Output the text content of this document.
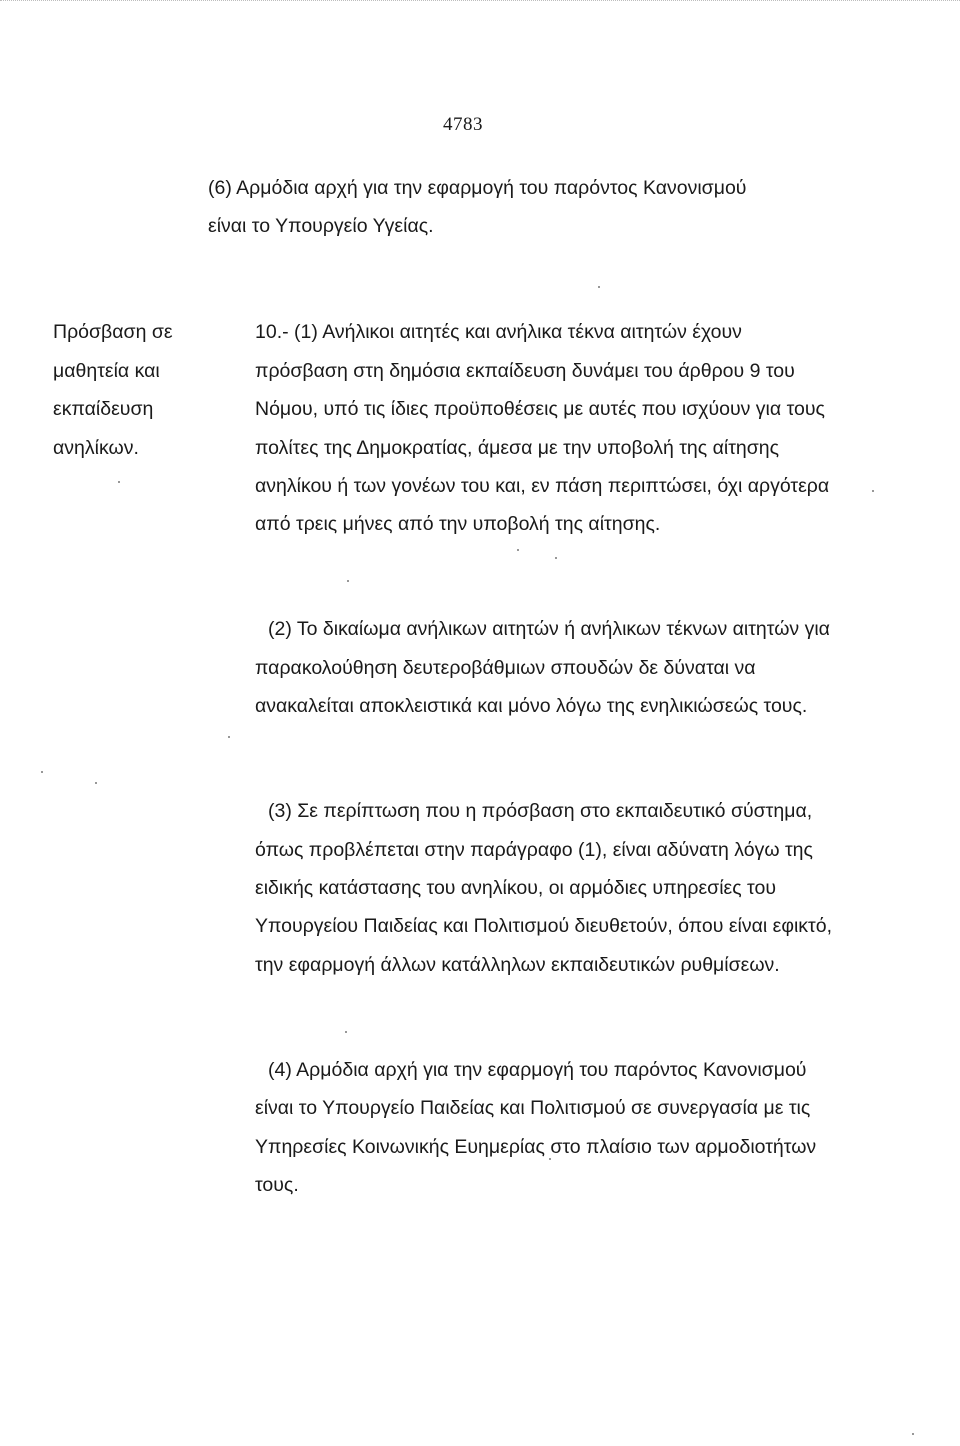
4783
(6) Αρμόδια αρχή για την εφαρμογή του παρόντος Κανονισμού
είναι το Υπουργείο Υγείας.
Πρόσβαση σε
μαθητεία και
εκπαίδευση
ανηλίκων.
10.- (1) Ανήλικοι αιτητές και ανήλικα τέκνα αιτητών έχουν
πρόσβαση στη δημόσια εκπαίδευση δυνάμει του άρθρου 9 του
Νόμου, υπό τις ίδιες προϋποθέσεις με αυτές που ισχύουν για τους
πολίτες της Δημοκρατίας, άμεσα με την υποβολή της αίτησης
ανηλίκου ή των γονέων του και, εν πάση περιπτώσει, όχι αργότερα
από τρεις μήνες από την υποβολή της αίτησης.
(2) Το δικαίωμα ανήλικων αιτητών ή ανήλικων τέκνων αιτητών για
παρακολούθηση δευτεροβάθμιων σπουδών δε δύναται να
ανακαλείται αποκλειστικά και μόνο λόγω της ενηλικιώσεώς τους.
(3) Σε περίπτωση που η πρόσβαση στο εκπαιδευτικό σύστημα,
όπως προβλέπεται στην παράγραφο (1), είναι αδύνατη λόγω της
ειδικής κατάστασης του ανηλίκου, οι αρμόδιες υπηρεσίες του
Υπουργείου Παιδείας και Πολιτισμού διευθετούν, όπου είναι εφικτό,
την εφαρμογή άλλων κατάλληλων εκπαιδευτικών ρυθμίσεων.
(4) Αρμόδια αρχή για την εφαρμογή του παρόντος Κανονισμού
είναι το Υπουργείο Παιδείας και Πολιτισμού σε συνεργασία με τις
Υπηρεσίες Κοινωνικής Ευημερίας στο πλαίσιο των αρμοδιοτήτων
τους.
